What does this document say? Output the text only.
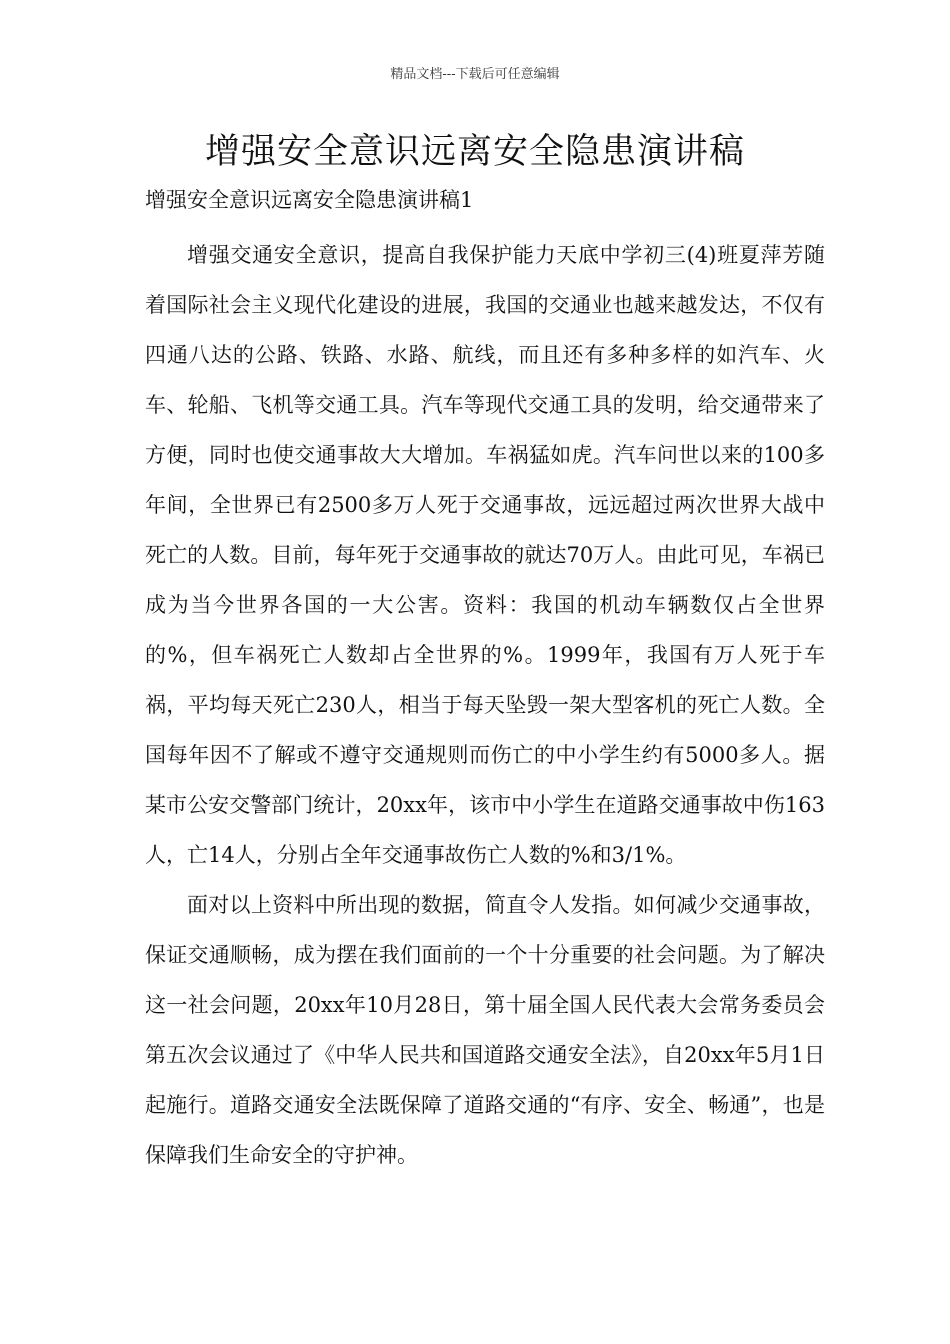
精品文档---下载后可任意编辑
增强安全意识远离安全隐患演讲稿
增强安全意识远离安全隐患演讲稿1

增强交通安全意识，提高自我保护能力天底中学初三(4)班夏萍芳随着国际社会主义现代化建设的进展，我国的交通业也越来越发达，不仅有四通八达的公路、铁路、水路、航线，而且还有多种多样的如汽车、火车、轮船、飞机等交通工具。汽车等现代交通工具的发明，给交通带来了方便，同时也使交通事故大大增加。车祸猛如虎。汽车问世以来的100多年间，全世界已有2500多万人死于交通事故，远远超过两次世界大战中死亡的人数。目前，每年死于交通事故的就达70万人。由此可见，车祸已成为当今世界各国的一大公害。资料：我国的机动车辆数仅占全世界的%，但车祸死亡人数却占全世界的%。1999年，我国有万人死于车祸，平均每天死亡230人，相当于每天坠毁一架大型客机的死亡人数。全国每年因不了解或不遵守交通规则而伤亡的中小学生约有5000多人。据某市公安交警部门统计，20xx年，该市中小学生在道路交通事故中伤163人，亡14人，分别占全年交通事故伤亡人数的%和3/1%。

面对以上资料中所出现的数据，简直令人发指。如何减少交通事故，保证交通顺畅，成为摆在我们面前的一个十分重要的社会问题。为了解决这一社会问题，20xx年10月28日，第十届全国人民代表大会常务委员会第五次会议通过了《中华人民共和国道路交通安全法》，自20xx年5月1日起施行。道路交通安全法既保障了道路交通的“有序、安全、畅通”，也是保障我们生命安全的守护神。
